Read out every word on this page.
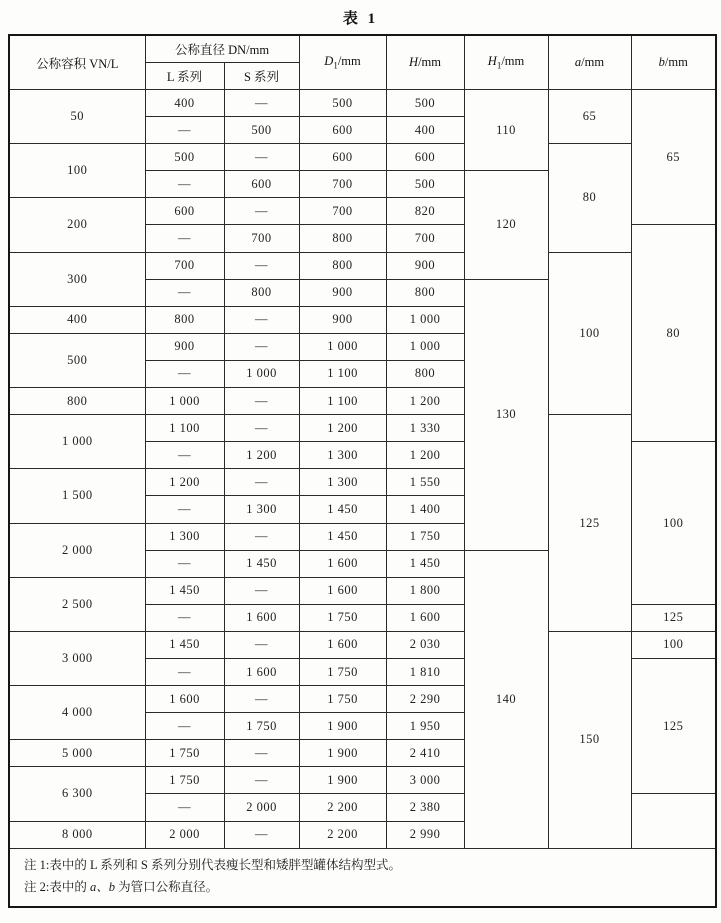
表 1
公称容积 VN/L	公称直径 DN/mm		$D_1/mm$	H/mm	$H_1/mm$	a/mm	b/mm
	L 系列	S 系列					
50	400	—	500	500	110	65	65
	—	500	600	400			
100	500	—	600	600		80	
	—	600	700	500	120		
200	600	—	700	820			
	—	700	800	700			80
300	700	—	800	900		100	
	—	800	900	800	130		
400	800	—	900	1 000			
500	900	—	1 000	1 000			
	—	1 000	1 100	800			
800	1 000	—	1 100	1 200			
1 000	1 100	—	1 200	1 330		125	
	—	1 200	1 300	1 200			100
1 500	1 200	—	1 300	1 550			
	—	1 300	1 450	1 400			
2 000	1 300	—	1 450	1 750			
	—	1 450	1 600	1 450	140		
2 500	1 450	—	1 600	1 800			
	—	1 600	1 750	1 600			125
3 000	1 450	—	1 600	2 030		150	100
	—	1 600	1 750	1 810			125
4 000	1 600	—	1 750	2 290			
	—	1 750	1 900	1 950			
5 000	1 750	—	1 900	2 410			
6 300	1 750	—	1 900	3 000			
	—	2 000	2 200	2 380			
8 000	2 000	—	2 200	2 990			

注 1:表中的 L 系列和 S 系列分别代表瘦长型和矮胖型罐体结构型式。
注 2:表中的 a、b 为管口公称直径。							
